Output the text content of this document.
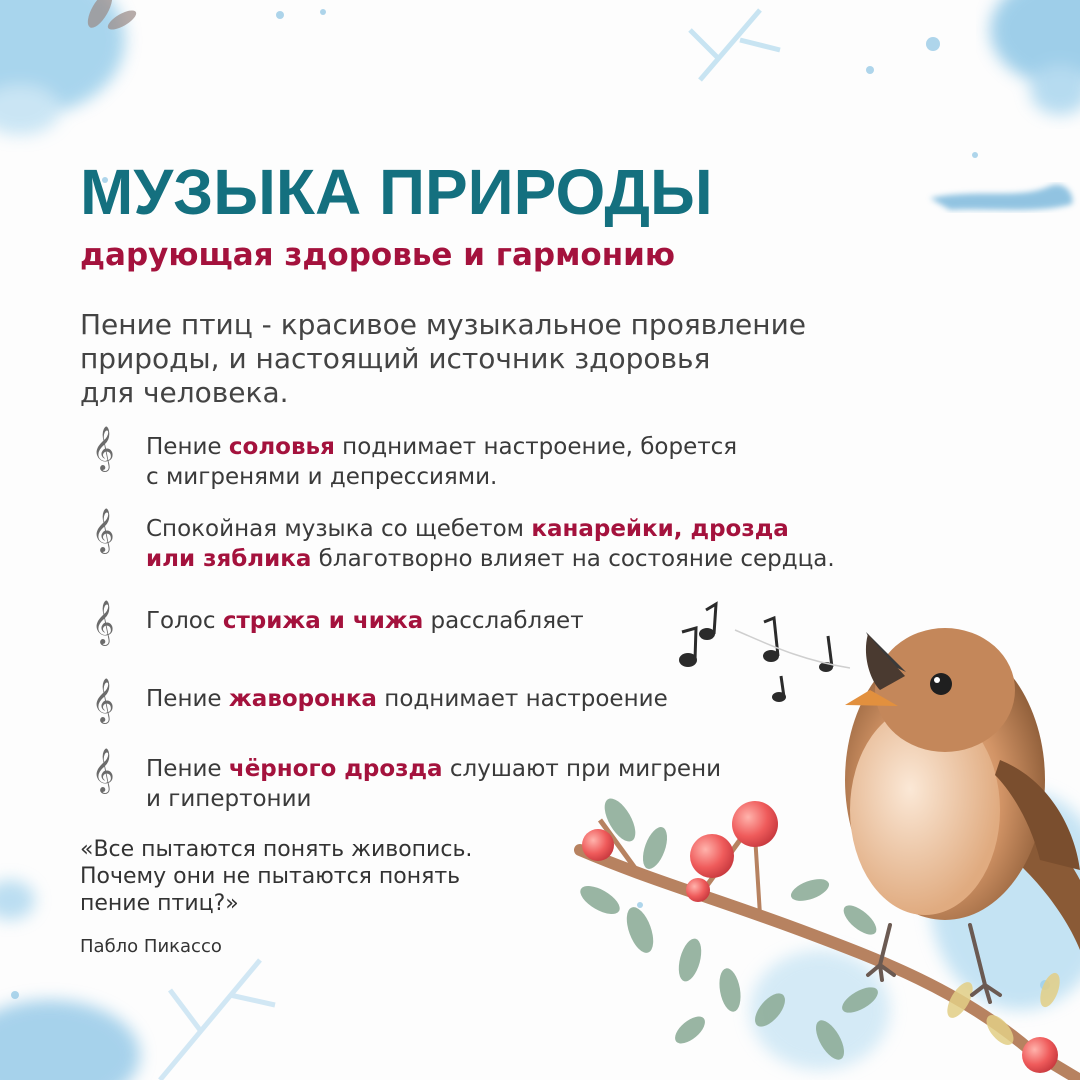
МУЗЫКА ПРИРОДЫ
дарующая здоровье и гармонию

Пение птиц - красивое музыкальное проявление
природы, и настоящий источник здоровья
для человека.

𝄞	Пение соловья поднимает настроение, борется
с мигренями и депрессиями.
𝄞	Спокойная музыка со щебетом канарейки, дрозда
или зяблика благотворно влияет на состояние сердца.
𝄞	Голос стрижа и чижа расслабляет
𝄞	Пение жаворонка поднимает настроение
𝄞	Пение чёрного дрозда слушают при мигрени
и гипертонии

«Все пытаются понять живопись.
Почему они не пытаются понять
пение птиц?»

Пабло Пикассо
